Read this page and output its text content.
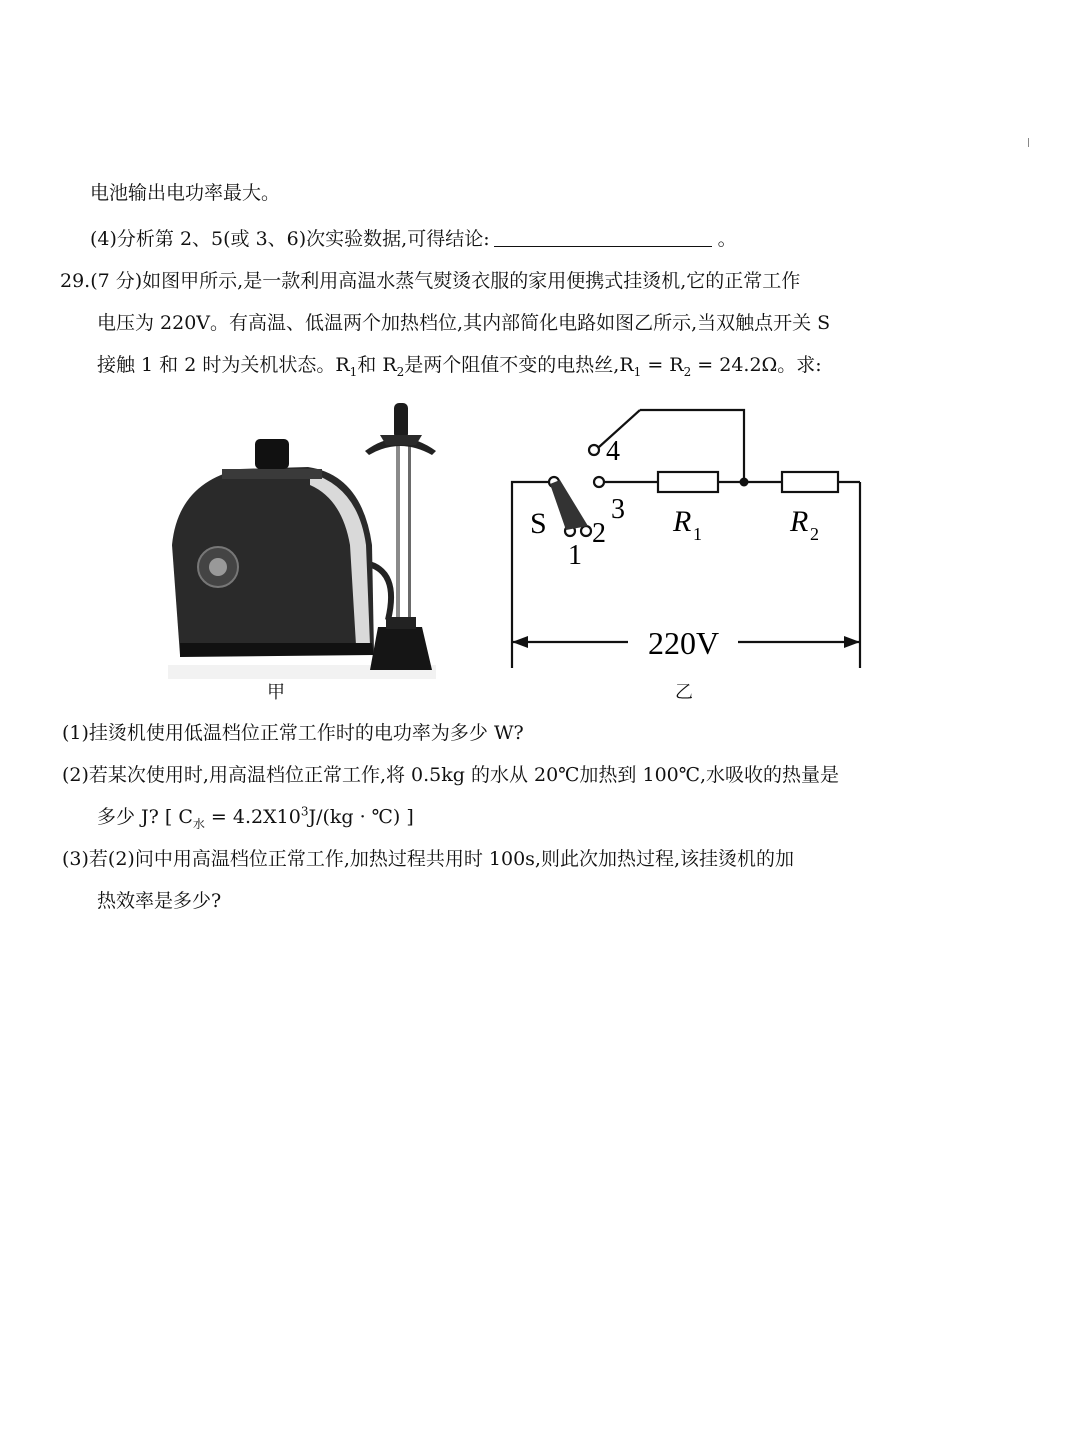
电池输出电功率最大。
(4)分析第 2、5(或 3、6)次实验数据,可得结论:	。
29.(7 分)如图甲所示,是一款利用高温水蒸气熨烫衣服的家用便携式挂烫机,它的正常工作
电压为 220V。有高温、低温两个加热档位,其内部简化电路如图乙所示,当双触点开关 S
接触 1 和 2 时为关机状态。$R_1$和 $R_2$是两个阻值不变的电热丝$,R_1 = R_2 = 24.2\Omega$。求:
甲
4
3
2
1
S	R 1	R 2
220V
乙
(1)挂烫机使用低温档位正常工作时的电功率为多少 W?
(2)若某次使用时,用高温档位正常工作,将 0.5kg 的水从 20℃加热到 100℃,水吸收的热量是
多少 J? [ $C_水 = 4.2X10^3J/(kg$ · ℃) ]
(3)若(2)问中用高温档位正常工作,加热过程共用时 100s,则此次加热过程,该挂烫机的加
热效率是多少?
